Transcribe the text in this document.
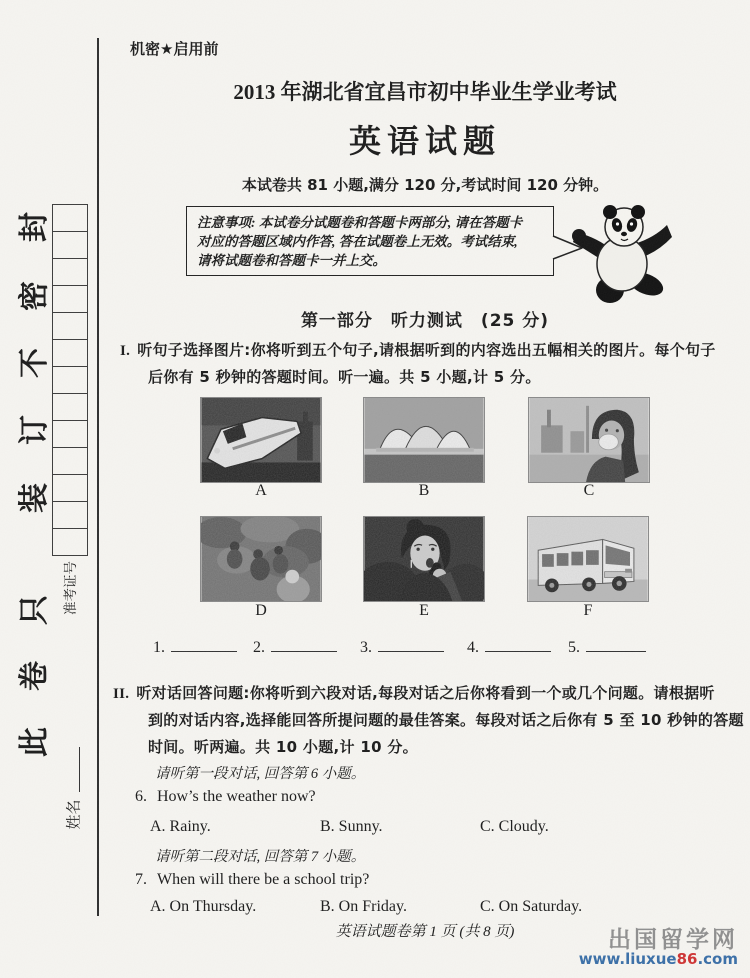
封
密
不
订
装
只
卷
此
准考证号
姓名
机密★启用前
2013 年湖北省宜昌市初中毕业生学业考试
英语试题
本试卷共 81 小题,满分 120 分,考试时间 120 分钟。
注意事项: 本试卷分试题卷和答题卡两部分, 请在答题卡
对应的答题区域内作答, 答在试题卷上无效。考试结束,
请将试题卷和答题卡一并上交。
第一部分　听力测试　(25 分)
I. 听句子选择图片:你将听到五个句子,请根据听到的内容选出五幅相关的图片。每个句子
后你有 5 秒钟的答题时间。听一遍。共 5 小题,计 5 分。
A	B	C
D	E	F
1.	2.	3.	4.	5.
II. 听对话回答问题:你将听到六段对话,每段对话之后你将看到一个或几个问题。请根据听
到的对话内容,选择能回答所提问题的最佳答案。每段对话之后你有 5 至 10 秒钟的答题
时间。听两遍。共 10 小题,计 10 分。
请听第一段对话, 回答第 6 小题。
6. How’s the weather now?
A. Rainy.	B. Sunny.	C. Cloudy.
请听第二段对话, 回答第 7 小题。
7. When will there be a school trip?
A. On Thursday.	B. On Friday.	C. On Saturday.
英语试题卷第 1 页 (共 8 页)	出国留学网
www.liuxue86.com
